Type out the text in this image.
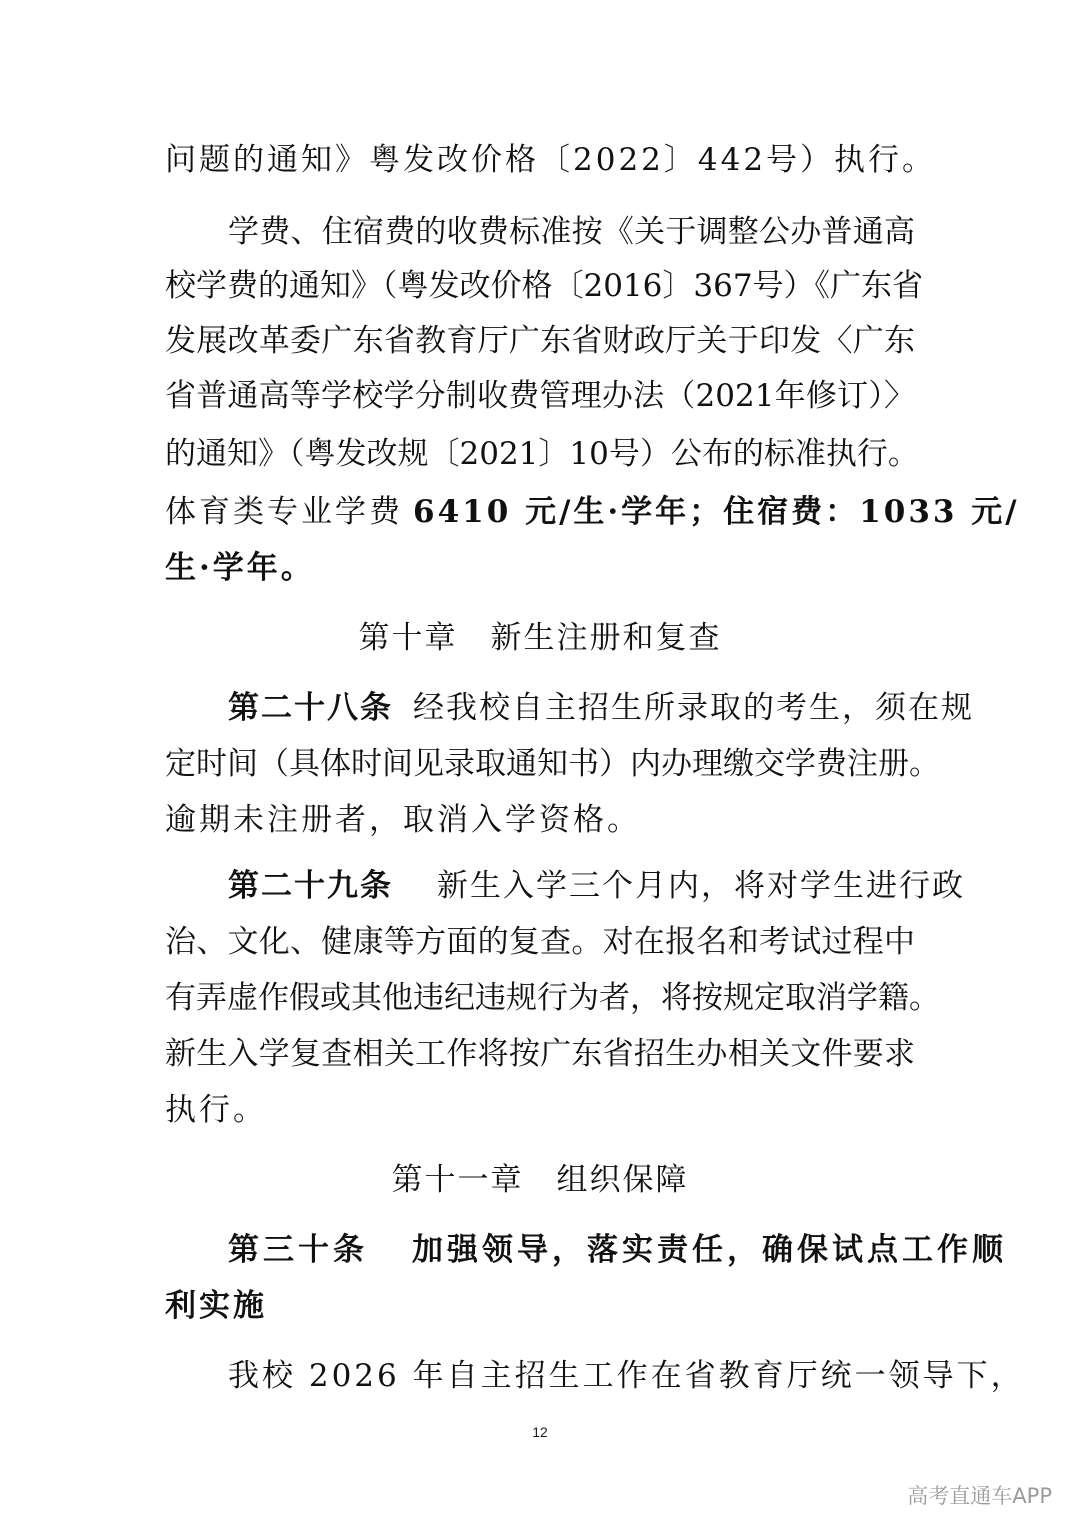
问题的通知》粤发改价格〔2022〕442号）执行。
学费、住宿费的收费标准按《关于调整公办普通高
校学费的通知》（粤发改价格〔2016〕367号）《广东省
发展改革委广东省教育厅广东省财政厅关于印发〈广东
省普通高等学校学分制收费管理办法（2021年修订）〉
的通知》（粤发改规〔2021〕10号）公布的标准执行。
体育类专业学费 6410 元/生·学年；住宿费：1033 元/
生·学年。
第十章　新生注册和复查
第二十八条 经我校自主招生所录取的考生，须在规
定时间（具体时间见录取通知书）内办理缴交学费注册。
逾期未注册者，取消入学资格。
第二十九条 新生入学三个月内，将对学生进行政
治、文化、健康等方面的复查。对在报名和考试过程中
有弄虚作假或其他违纪违规行为者，将按规定取消学籍。
新生入学复查相关工作将按广东省招生办相关文件要求
执行。
第十一章　组织保障
第三十条 加强领导，落实责任，确保试点工作顺
利实施
我校 2026 年自主招生工作在省教育厅统一领导下，
12
高考直通车APP
